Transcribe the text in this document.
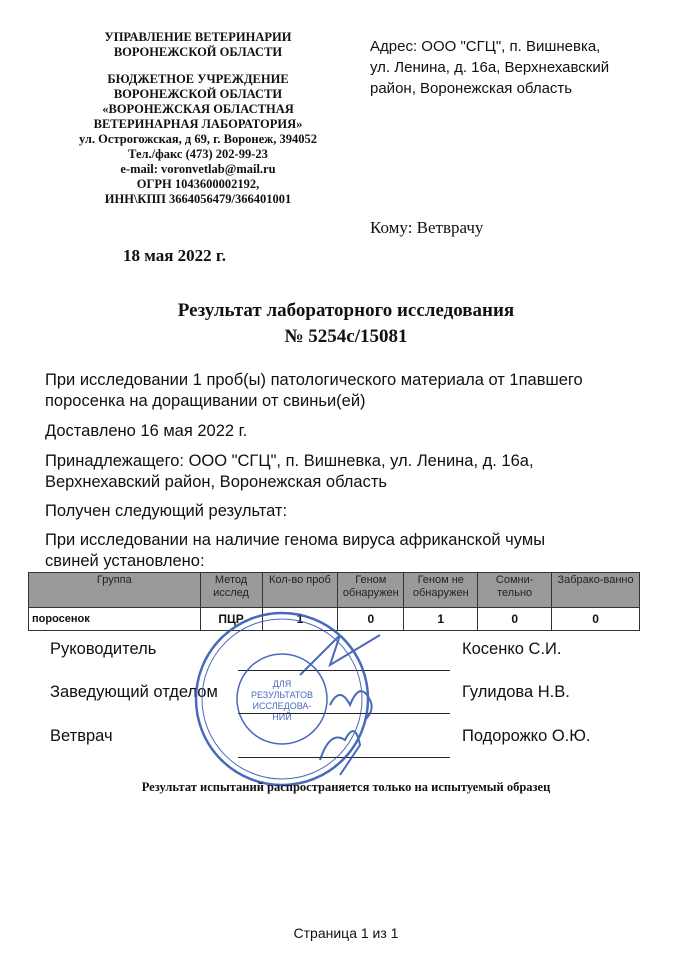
УПРАВЛЕНИЕ ВЕТЕРИНАРИИ
ВОРОНЕЖСКОЙ ОБЛАСТИ
БЮДЖЕТНОЕ УЧРЕЖДЕНИЕ
ВОРОНЕЖСКОЙ ОБЛАСТИ
«ВОРОНЕЖСКАЯ ОБЛАСТНАЯ
ВЕТЕРИНАРНАЯ ЛАБОРАТОРИЯ»
ул. Острогожская, д 69, г. Воронеж, 394052
Тел./факс (473) 202-99-23
e-mail: voronvetlab@mail.ru
ОГРН 1043600002192,
ИНН\КПП 3664056479/366401001
Адрес: ООО "СГЦ", п. Вишневка,
ул. Ленина, д. 16а, Верхнехавский
район, Воронежская область
Кому: Ветврачу
18 мая 2022 г.
Результат лабораторного исследования
№ 5254с/15081
При исследовании 1 проб(ы) патологического материала от 1павшего
поросенка на доращивании от свиньи(ей)
Доставлено 16 мая 2022 г.
Принадлежащего: ООО "СГЦ", п. Вишневка, ул. Ленина, д. 16а,
Верхнехавский район, Воронежская область
Получен следующий результат:
При исследовании на наличие генома вируса африканской чумы
свиней установлено:
Группа	Метод исслед	Кол-во проб	Геном обнаружен	Геном не обнаружен	Сомни-тельно	Забрако-ванно
поросенок	ПЦР	1	0	1	0	0
Руководитель	Косенко С.И.
Заведующий отделом	Гулидова Н.В.
Ветврач	Подорожко О.Ю.
ДЛЯ
РЕЗУЛЬТАТОВ
ИССЛЕДОВА-
НИЙ
Результат испытаний распространяется только на испытуемый образец
Страница 1 из 1
